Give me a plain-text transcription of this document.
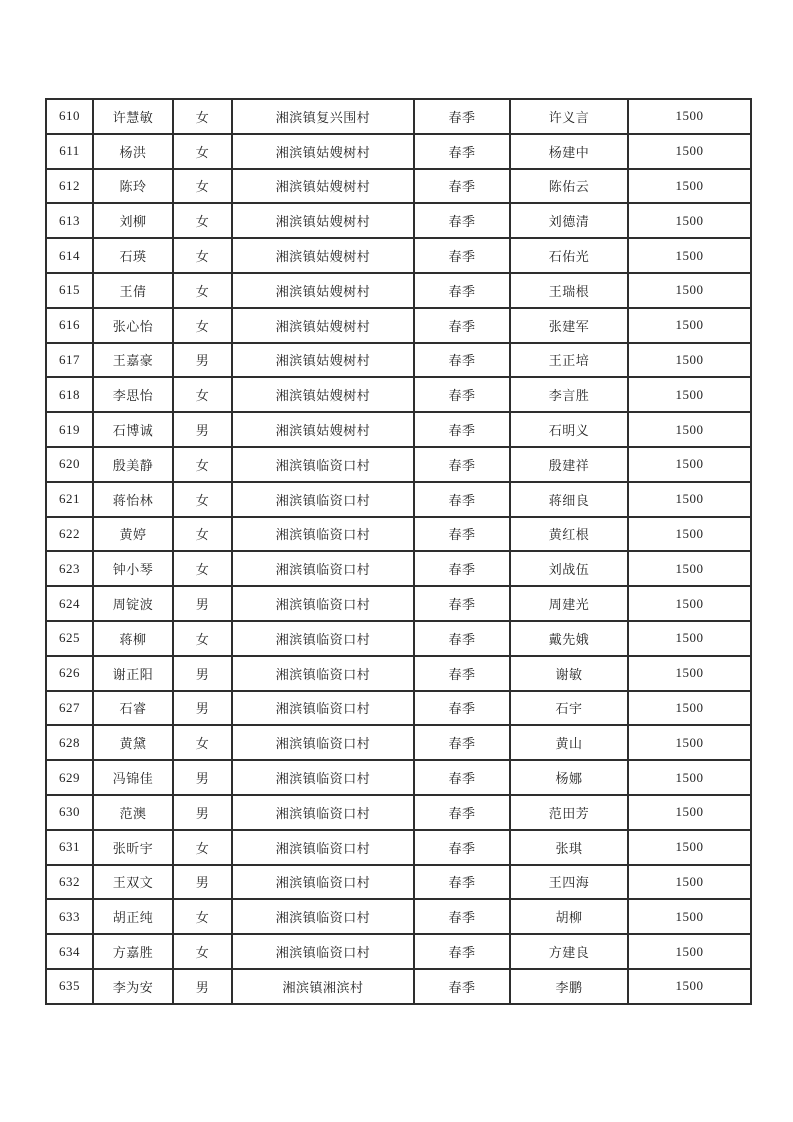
610	许慧敏	女	湘滨镇复兴围村	春季	许义言	1500
611	杨洪	女	湘滨镇姑嫂树村	春季	杨建中	1500
612	陈玲	女	湘滨镇姑嫂树村	春季	陈佑云	1500
613	刘柳	女	湘滨镇姑嫂树村	春季	刘德清	1500
614	石瑛	女	湘滨镇姑嫂树村	春季	石佑光	1500
615	王倩	女	湘滨镇姑嫂树村	春季	王瑞根	1500
616	张心怡	女	湘滨镇姑嫂树村	春季	张建军	1500
617	王嘉豪	男	湘滨镇姑嫂树村	春季	王正培	1500
618	李思怡	女	湘滨镇姑嫂树村	春季	李言胜	1500
619	石博诚	男	湘滨镇姑嫂树村	春季	石明义	1500
620	殷美静	女	湘滨镇临资口村	春季	殷建祥	1500
621	蒋怡林	女	湘滨镇临资口村	春季	蒋细良	1500
622	黄婷	女	湘滨镇临资口村	春季	黄红根	1500
623	钟小琴	女	湘滨镇临资口村	春季	刘战伍	1500
624	周锭波	男	湘滨镇临资口村	春季	周建光	1500
625	蒋柳	女	湘滨镇临资口村	春季	戴先娥	1500
626	谢正阳	男	湘滨镇临资口村	春季	谢敏	1500
627	石睿	男	湘滨镇临资口村	春季	石宇	1500
628	黄黛	女	湘滨镇临资口村	春季	黄山	1500
629	冯锦佳	男	湘滨镇临资口村	春季	杨娜	1500
630	范澳	男	湘滨镇临资口村	春季	范田芳	1500
631	张昕宇	女	湘滨镇临资口村	春季	张琪	1500
632	王双文	男	湘滨镇临资口村	春季	王四海	1500
633	胡正纯	女	湘滨镇临资口村	春季	胡柳	1500
634	方嘉胜	女	湘滨镇临资口村	春季	方建良	1500
635	李为安	男	湘滨镇湘滨村	春季	李鹏	1500
